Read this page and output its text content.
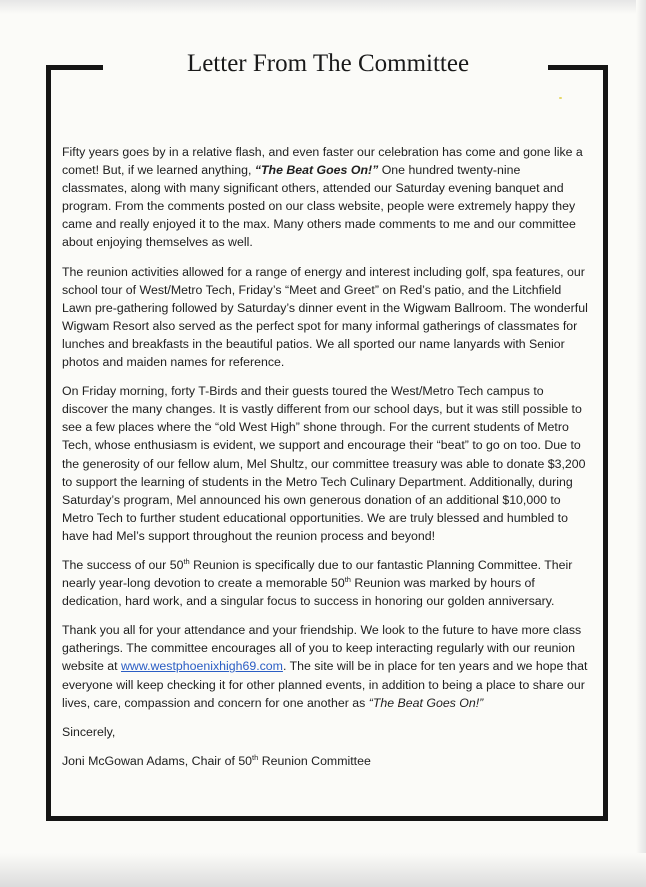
Letter From The Committee

Fifty years goes by in a relative flash, and even faster our celebration has come and gone like a comet! But, if we learned anything, “The Beat Goes On!” One hundred twenty-nine classmates, along with many significant others, attended our Saturday evening banquet and program. From the comments posted on our class website, people were extremely happy they came and really enjoyed it to the max. Many others made comments to me and our committee about enjoying themselves as well.

The reunion activities allowed for a range of energy and interest including golf, spa features, our school tour of West/Metro Tech, Friday’s “Meet and Greet” on Red’s patio, and the Litchfield Lawn pre-gathering followed by Saturday’s dinner event in the Wigwam Ballroom. The wonderful Wigwam Resort also served as the perfect spot for many informal gatherings of classmates for lunches and breakfasts in the beautiful patios. We all sported our name lanyards with Senior photos and maiden names for reference.

On Friday morning, forty T-Birds and their guests toured the West/Metro Tech campus to discover the many changes. It is vastly different from our school days, but it was still possible to see a few places where the “old West High” shone through. For the current students of Metro Tech, whose enthusiasm is evident, we support and encourage their “beat” to go on too. Due to the generosity of our fellow alum, Mel Shultz, our committee treasury was able to donate $3,200 to support the learning of students in the Metro Tech Culinary Department. Additionally, during Saturday’s program, Mel announced his own generous donation of an additional $10,000 to Metro Tech to further student educational opportunities. We are truly blessed and humbled to have had Mel’s support throughout the reunion process and beyond!

The success of our 50th Reunion is specifically due to our fantastic Planning Committee. Their nearly year-long devotion to create a memorable 50th Reunion was marked by hours of dedication, hard work, and a singular focus to success in honoring our golden anniversary.

Thank you all for your attendance and your friendship. We look to the future to have more class gatherings. The committee encourages all of you to keep interacting regularly with our reunion website at www.westphoenixhigh69.com. The site will be in place for ten years and we hope that everyone will keep checking it for other planned events, in addition to being a place to share our lives, care, compassion and concern for one another as “The Beat Goes On!”

Sincerely,

Joni McGowan Adams, Chair of 50th Reunion Committee
